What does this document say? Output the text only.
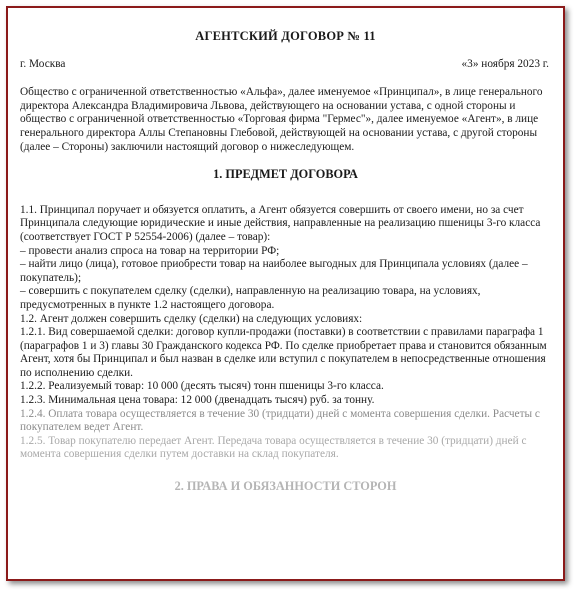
АГЕНТСКИЙ ДОГОВОР № 11
г. Москва	«3» ноября 2023 г.

Общество с ограниченной ответственностью «Альфа», далее именуемое «Принципал», в лице генерального директора Александра Владимировича Львова, действующего на основании устава, с одной стороны и общество с ограниченной ответственностью «Торговая фирма "Гермес"», далее именуемое «Агент», в лице генерального директора Аллы Степановны Глебовой, действующей на основании устава, с другой стороны (далее – Стороны) заключили настоящий договор о нижеследующем.

1. ПРЕДМЕТ ДОГОВОРА

1.1. Принципал поручает и обязуется оплатить, а Агент обязуется совершить от своего имени, но за счет Принципала следующие юридические и иные действия, направленные на реализацию пшеницы 3-го класса (соответствует ГОСТ Р 52554-2006) (далее – товар):

– провести анализ спроса на товар на территории РФ;

– найти лицо (лица), готовое приобрести товар на наиболее выгодных для Принципала условиях (далее – покупатель);

– совершить с покупателем сделку (сделки), направленную на реализацию товара, на условиях, предусмотренных в пункте 1.2 настоящего договора.

1.2. Агент должен совершить сделку (сделки) на следующих условиях:

1.2.1. Вид совершаемой сделки: договор купли-продажи (поставки) в соответствии с правилами параграфа 1 (параграфов 1 и 3) главы 30 Гражданского кодекса РФ. По сделке приобретает права и становится обязанным Агент, хотя бы Принципал и был назван в сделке или вступил с покупателем в непосредственные отношения по исполнению сделки.

1.2.2. Реализуемый товар: 10 000 (десять тысяч) тонн пшеницы 3-го класса.

1.2.3. Минимальная цена товара: 12 000 (двенадцать тысяч) руб. за тонну.

1.2.4. Оплата товара осуществляется в течение 30 (тридцати) дней с момента совершения сделки. Расчеты с покупателем ведет Агент.

1.2.5. Товар покупателю передает Агент. Передача товара осуществляется в течение 30 (тридцати) дней с момента совершения сделки путем доставки на склад покупателя.

2. ПРАВА И ОБЯЗАННОСТИ СТОРОН
